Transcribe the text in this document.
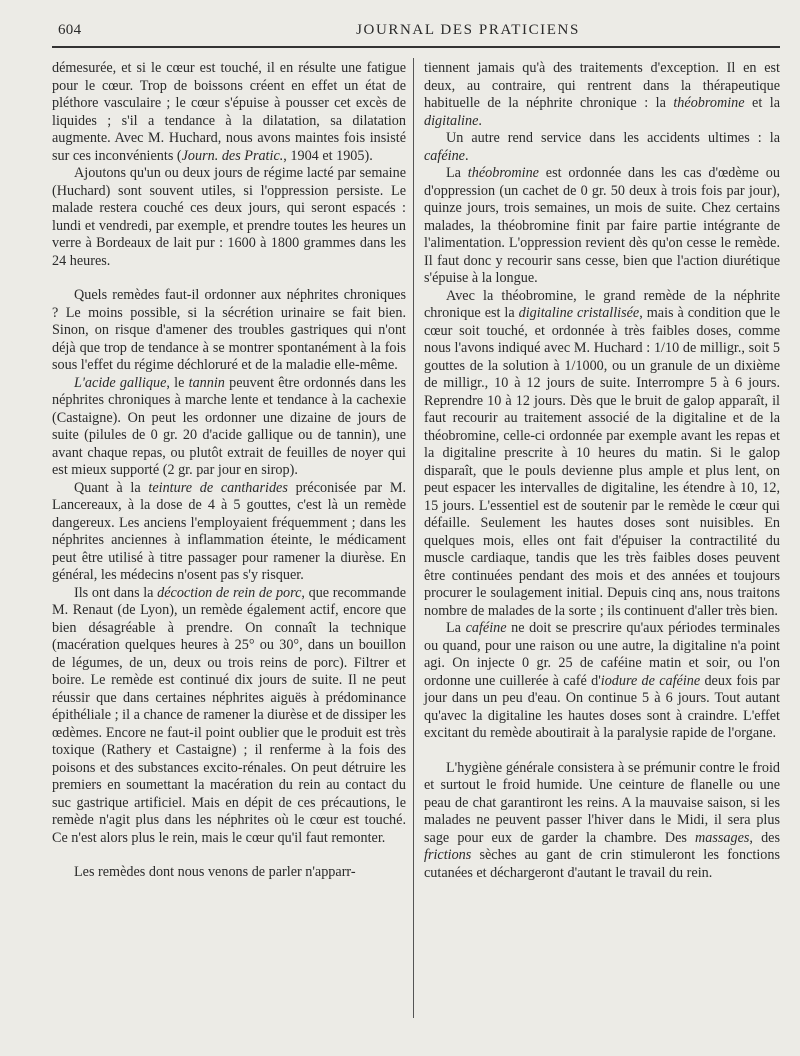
604	JOURNAL DES PRATICIENS

démesurée, et si le cœur est touché, il en résulte une fatigue pour le cœur. Trop de boissons créent en effet un état de pléthore vasculaire ; le cœur s'épuise à pousser cet excès de liquides ; s'il a tendance à la dilatation, sa dilatation augmente. Avec M. Huchard, nous avons maintes fois insisté sur ces inconvénients (Journ. des Pratic., 1904 et 1905).

Ajoutons qu'un ou deux jours de régime lacté par semaine (Huchard) sont souvent utiles, si l'oppression persiste. Le malade restera couché ces deux jours, qui seront espacés : lundi et vendredi, par exemple, et prendre toutes les heures un verre à Bordeaux de lait pur : 1600 à 1800 grammes dans les 24 heures.

Quels remèdes faut-il ordonner aux néphrites chroniques ? Le moins possible, si la sécrétion urinaire se fait bien. Sinon, on risque d'amener des troubles gastriques qui n'ont déjà que trop de tendance à se montrer spontanément à la fois sous l'effet du régime déchloruré et de la maladie elle-même.

L'acide gallique, le tannin peuvent être ordonnés dans les néphrites chroniques à marche lente et tendance à la cachexie (Castaigne). On peut les ordonner une dizaine de jours de suite (pilules de 0 gr. 20 d'acide gallique ou de tannin), une avant chaque repas, ou plutôt extrait de feuilles de noyer qui est mieux supporté (2 gr. par jour en sirop).

Quant à la teinture de cantharides préconisée par M. Lancereaux, à la dose de 4 à 5 gouttes, c'est là un remède dangereux. Les anciens l'employaient fréquemment ; dans les néphrites anciennes à inflammation éteinte, le médicament peut être utilisé à titre passager pour ramener la diurèse. En général, les médecins n'osent pas s'y risquer.

Ils ont dans la décoction de rein de porc, que recommande M. Renaut (de Lyon), un remède également actif, encore que bien désagréable à prendre. On connaît la technique (macération quelques heures à 25° ou 30°, dans un bouillon de légumes, de un, deux ou trois reins de porc). Filtrer et boire. Le remède est continué dix jours de suite. Il ne peut réussir que dans certaines néphrites aiguës à prédominance épithéliale ; il a chance de ramener la diurèse et de dissiper les œdèmes. Encore ne faut-il point oublier que le produit est très toxique (Rathery et Castaigne) ; il renferme à la fois des poisons et des substances excito-rénales. On peut détruire les premiers en soumettant la macération du rein au contact du suc gastrique artificiel. Mais en dépit de ces précautions, le remède n'agit plus dans les néphrites où le cœur est touché. Ce n'est alors plus le rein, mais le cœur qu'il faut remonter.

Les remèdes dont nous venons de parler n'apparr-

tiennent jamais qu'à des traitements d'exception. Il en est deux, au contraire, qui rentrent dans la thérapeutique habituelle de la néphrite chronique : la théobromine et la digitaline.

Un autre rend service dans les accidents ultimes : la caféine.

La théobromine est ordonnée dans les cas d'œdème ou d'oppression (un cachet de 0 gr. 50 deux à trois fois par jour), quinze jours, trois semaines, un mois de suite. Chez certains malades, la théobromine finit par faire partie intégrante de l'alimentation. L'oppression revient dès qu'on cesse le remède. Il faut donc y recourir sans cesse, bien que l'action diurétique s'épuise à la longue.

Avec la théobromine, le grand remède de la néphrite chronique est la digitaline cristallisée, mais à condition que le cœur soit touché, et ordonnée à très faibles doses, comme nous l'avons indiqué avec M. Huchard : 1/10 de milligr., soit 5 gouttes de la solution à 1/1000, ou un granule de un dixième de milligr., 10 à 12 jours de suite. Interrompre 5 à 6 jours. Reprendre 10 à 12 jours. Dès que le bruit de galop apparaît, il faut recourir au traitement associé de la digitaline et de la théobromine, celle-ci ordonnée par exemple avant les repas et la digitaline prescrite à 10 heures du matin. Si le galop disparaît, que le pouls devienne plus ample et plus lent, on peut espacer les intervalles de digitaline, les étendre à 10, 12, 15 jours. L'essentiel est de soutenir par le remède le cœur qui défaille. Seulement les hautes doses sont nuisibles. En quelques mois, elles ont fait d'épuiser la contractilité du muscle cardiaque, tandis que les très faibles doses peuvent être continuées pendant des mois et des années et toujours procurer le soulagement initial. Depuis cinq ans, nous traitons nombre de malades de la sorte ; ils continuent d'aller très bien.

La caféine ne doit se prescrire qu'aux périodes terminales ou quand, pour une raison ou une autre, la digitaline n'a point agi. On injecte 0 gr. 25 de caféine matin et soir, ou l'on ordonne une cuillerée à café d'iodure de caféine deux fois par jour dans un peu d'eau. On continue 5 à 6 jours. Tout autant qu'avec la digitaline les hautes doses sont à craindre. L'effet excitant du remède aboutirait à la paralysie rapide de l'organe.

L'hygiène générale consistera à se prémunir contre le froid et surtout le froid humide. Une ceinture de flanelle ou une peau de chat garantiront les reins. A la mauvaise saison, si les malades ne peuvent passer l'hiver dans le Midi, il sera plus sage pour eux de garder la chambre. Des massages, des frictions sèches au gant de crin stimuleront les fonctions cutanées et déchargeront d'autant le travail du rein.
